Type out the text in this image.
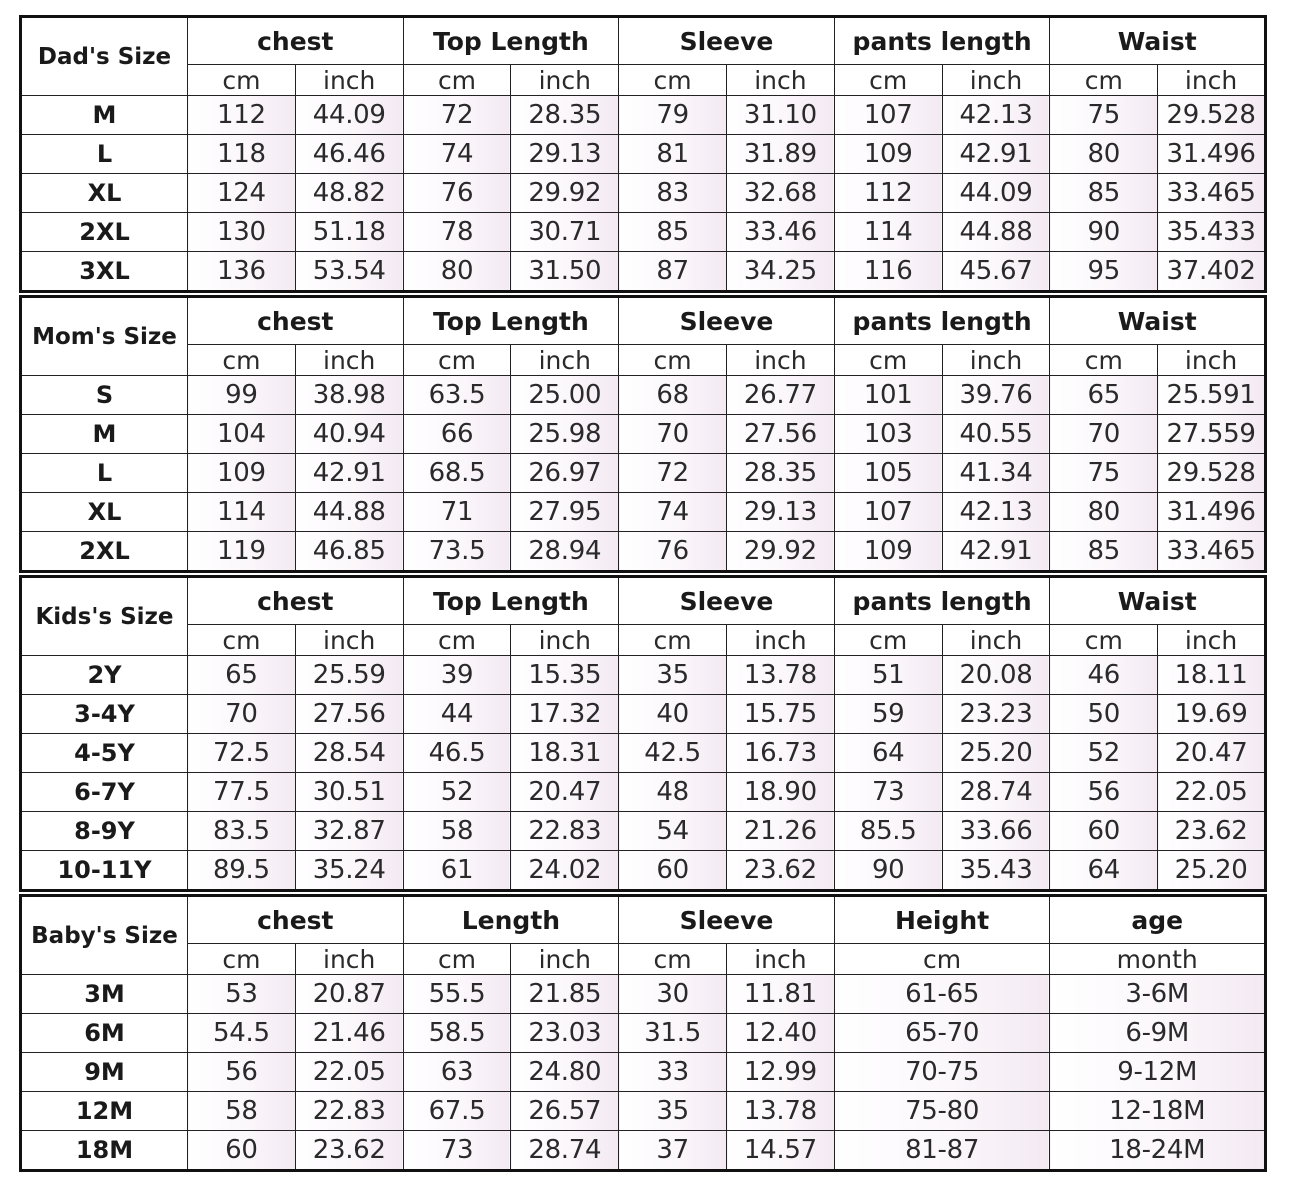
Dad's Size	chest		Top Length		Sleeve		pants length		Waist	
	cm	inch	cm	inch	cm	inch	cm	inch	cm	inch
M	112	44.09	72	28.35	79	31.10	107	42.13	75	29.528
L	118	46.46	74	29.13	81	31.89	109	42.91	80	31.496
XL	124	48.82	76	29.92	83	32.68	112	44.09	85	33.465
2XL	130	51.18	78	30.71	85	33.46	114	44.88	90	35.433
3XL	136	53.54	80	31.50	87	34.25	116	45.67	95	37.402
Mom's Size	chest		Top Length		Sleeve		pants length		Waist	
	cm	inch	cm	inch	cm	inch	cm	inch	cm	inch
S	99	38.98	63.5	25.00	68	26.77	101	39.76	65	25.591
M	104	40.94	66	25.98	70	27.56	103	40.55	70	27.559
L	109	42.91	68.5	26.97	72	28.35	105	41.34	75	29.528
XL	114	44.88	71	27.95	74	29.13	107	42.13	80	31.496
2XL	119	46.85	73.5	28.94	76	29.92	109	42.91	85	33.465
Kids's Size	chest		Top Length		Sleeve		pants length		Waist	
	cm	inch	cm	inch	cm	inch	cm	inch	cm	inch
2Y	65	25.59	39	15.35	35	13.78	51	20.08	46	18.11
3-4Y	70	27.56	44	17.32	40	15.75	59	23.23	50	19.69
4-5Y	72.5	28.54	46.5	18.31	42.5	16.73	64	25.20	52	20.47
6-7Y	77.5	30.51	52	20.47	48	18.90	73	28.74	56	22.05
8-9Y	83.5	32.87	58	22.83	54	21.26	85.5	33.66	60	23.62
10-11Y	89.5	35.24	61	24.02	60	23.62	90	35.43	64	25.20
Baby's Size	chest		Length		Sleeve		Height	age
	cm	inch	cm	inch	cm	inch	cm	month
3M	53	20.87	55.5	21.85	30	11.81	61-65	3-6M
6M	54.5	21.46	58.5	23.03	31.5	12.40	65-70	6-9M
9M	56	22.05	63	24.80	33	12.99	70-75	9-12M
12M	58	22.83	67.5	26.57	35	13.78	75-80	12-18M
18M	60	23.62	73	28.74	37	14.57	81-87	18-24M
